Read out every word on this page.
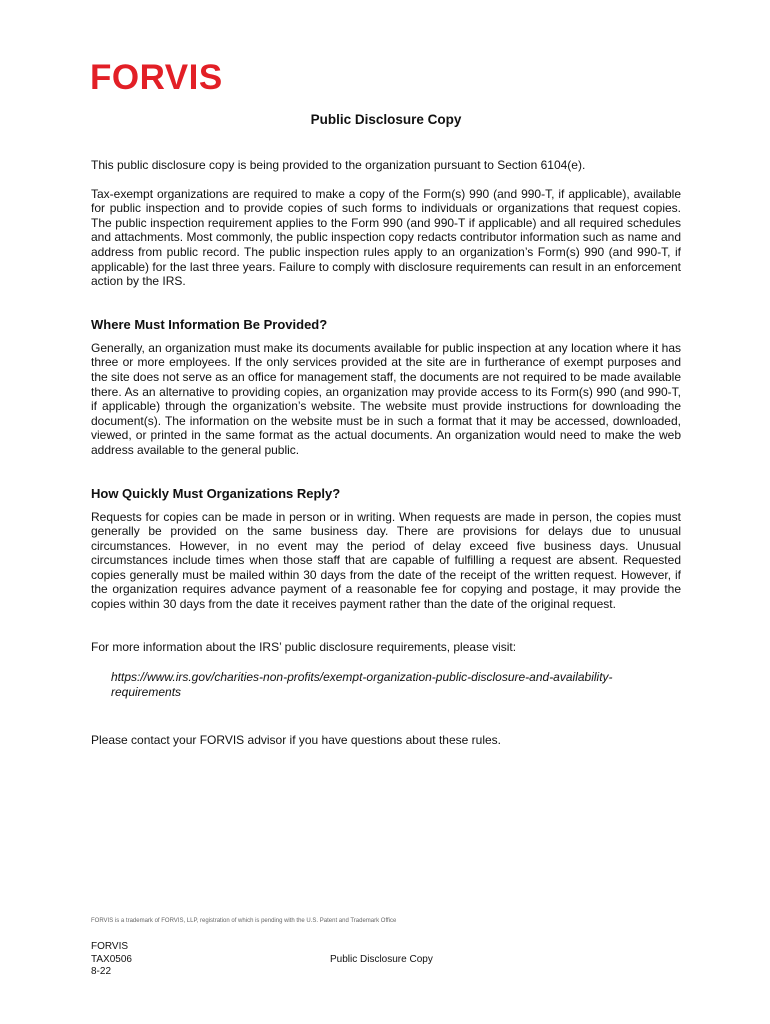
FORVIS
Public Disclosure Copy

This public disclosure copy is being provided to the organization pursuant to Section 6104(e).

Tax-exempt organizations are required to make a copy of the Form(s) 990 (and 990-T, if applicable), available for public inspection and to provide copies of such forms to individuals or organizations that request copies. The public inspection requirement applies to the Form 990 (and 990-T if applicable) and all required schedules and attachments. Most commonly, the public inspection copy redacts contributor information such as name and address from public record. The public inspection rules apply to an organization’s Form(s) 990 (and 990-T, if applicable) for the last three years. Failure to comply with disclosure requirements can result in an enforcement action by the IRS.

Where Must Information Be Provided?

Generally, an organization must make its documents available for public inspection at any location where it has three or more employees. If the only services provided at the site are in furtherance of exempt purposes and the site does not serve as an office for management staff, the documents are not required to be made available there. As an alternative to providing copies, an organization may provide access to its Form(s) 990 (and 990-T, if applicable) through the organization’s website. The website must provide instructions for downloading the document(s). The information on the website must be in such a format that it may be accessed, downloaded, viewed, or printed in the same format as the actual documents. An organization would need to make the web address available to the general public.

How Quickly Must Organizations Reply?

Requests for copies can be made in person or in writing. When requests are made in person, the copies must generally be provided on the same business day. There are provisions for delays due to unusual circumstances. However, in no event may the period of delay exceed five business days. Unusual circumstances include times when those staff that are capable of fulfilling a request are absent. Requested copies generally must be mailed within 30 days from the date of the receipt of the written request. However, if the organization requires advance payment of a reasonable fee for copying and postage, it may provide the copies within 30 days from the date it receives payment rather than the date of the original request.

For more information about the IRS’ public disclosure requirements, please visit:

https://www.irs.gov/charities-non-profits/exempt-organization-public-disclosure-and-availability-requirements

Please contact your FORVIS advisor if you have questions about these rules.

FORVIS is a trademark of FORVIS, LLP, registration of which is pending with the U.S. Patent and Trademark Office
FORVIS
TAX0506
8-22
Public Disclosure Copy
